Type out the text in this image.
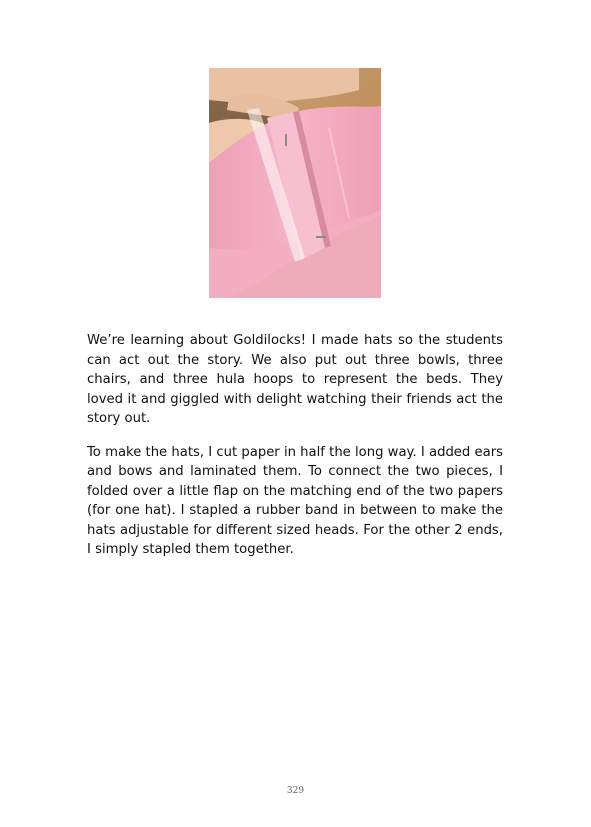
We’re learning about Goldilocks! I made hats so the students can act out the story. We also put out three bowls, three chairs, and three hula hoops to represent the beds. They loved it and giggled with delight watching their friends act the story out.

To make the hats, I cut paper in half the long way. I added ears and bows and laminated them. To connect the two pieces, I folded over a little flap on the matching end of the two papers (for one hat). I stapled a rubber band in between to make the hats adjustable for different sized heads. For the other 2 ends, I simply stapled them together.

329
